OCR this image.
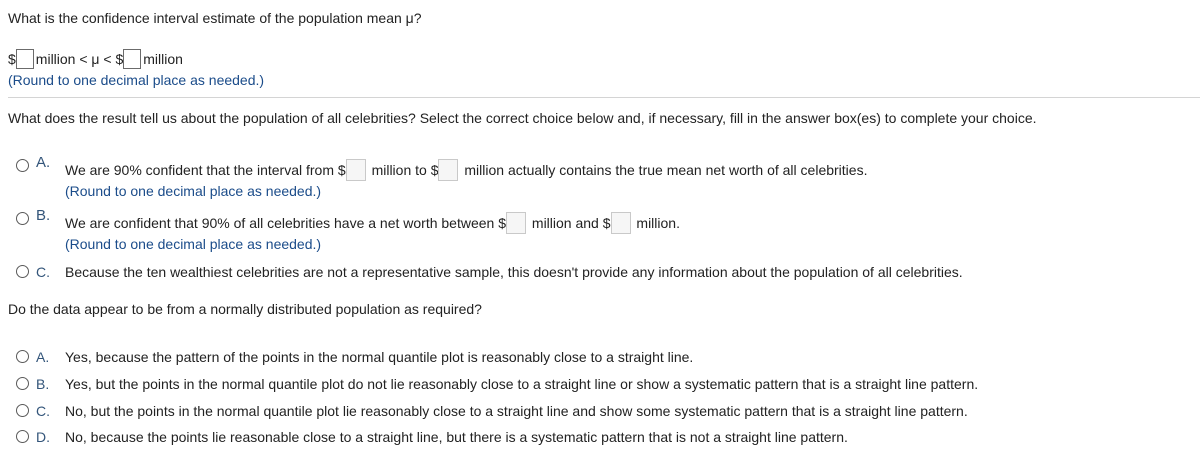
What is the confidence interval estimate of the population mean μ?
$ million < μ < $ million
(Round to one decimal place as needed.)
What does the result tell us about the population of all celebrities? Select the correct choice below and, if necessary, fill in the answer box(es) to complete your choice.
A. We are 90% confident that the interval from $ million to $ million actually contains the true mean net worth of all celebrities.
(Round to one decimal place as needed.)
B. We are confident that 90% of all celebrities have a net worth between $ million and $ million.
(Round to one decimal place as needed.)
C. Because the ten wealthiest celebrities are not a representative sample, this doesn't provide any information about the population of all celebrities.
Do the data appear to be from a normally distributed population as required?
A. Yes, because the pattern of the points in the normal quantile plot is reasonably close to a straight line.
B. Yes, but the points in the normal quantile plot do not lie reasonably close to a straight line or show a systematic pattern that is a straight line pattern.
C. No, but the points in the normal quantile plot lie reasonably close to a straight line and show some systematic pattern that is a straight line pattern.
D. No, because the points lie reasonable close to a straight line, but there is a systematic pattern that is not a straight line pattern.
